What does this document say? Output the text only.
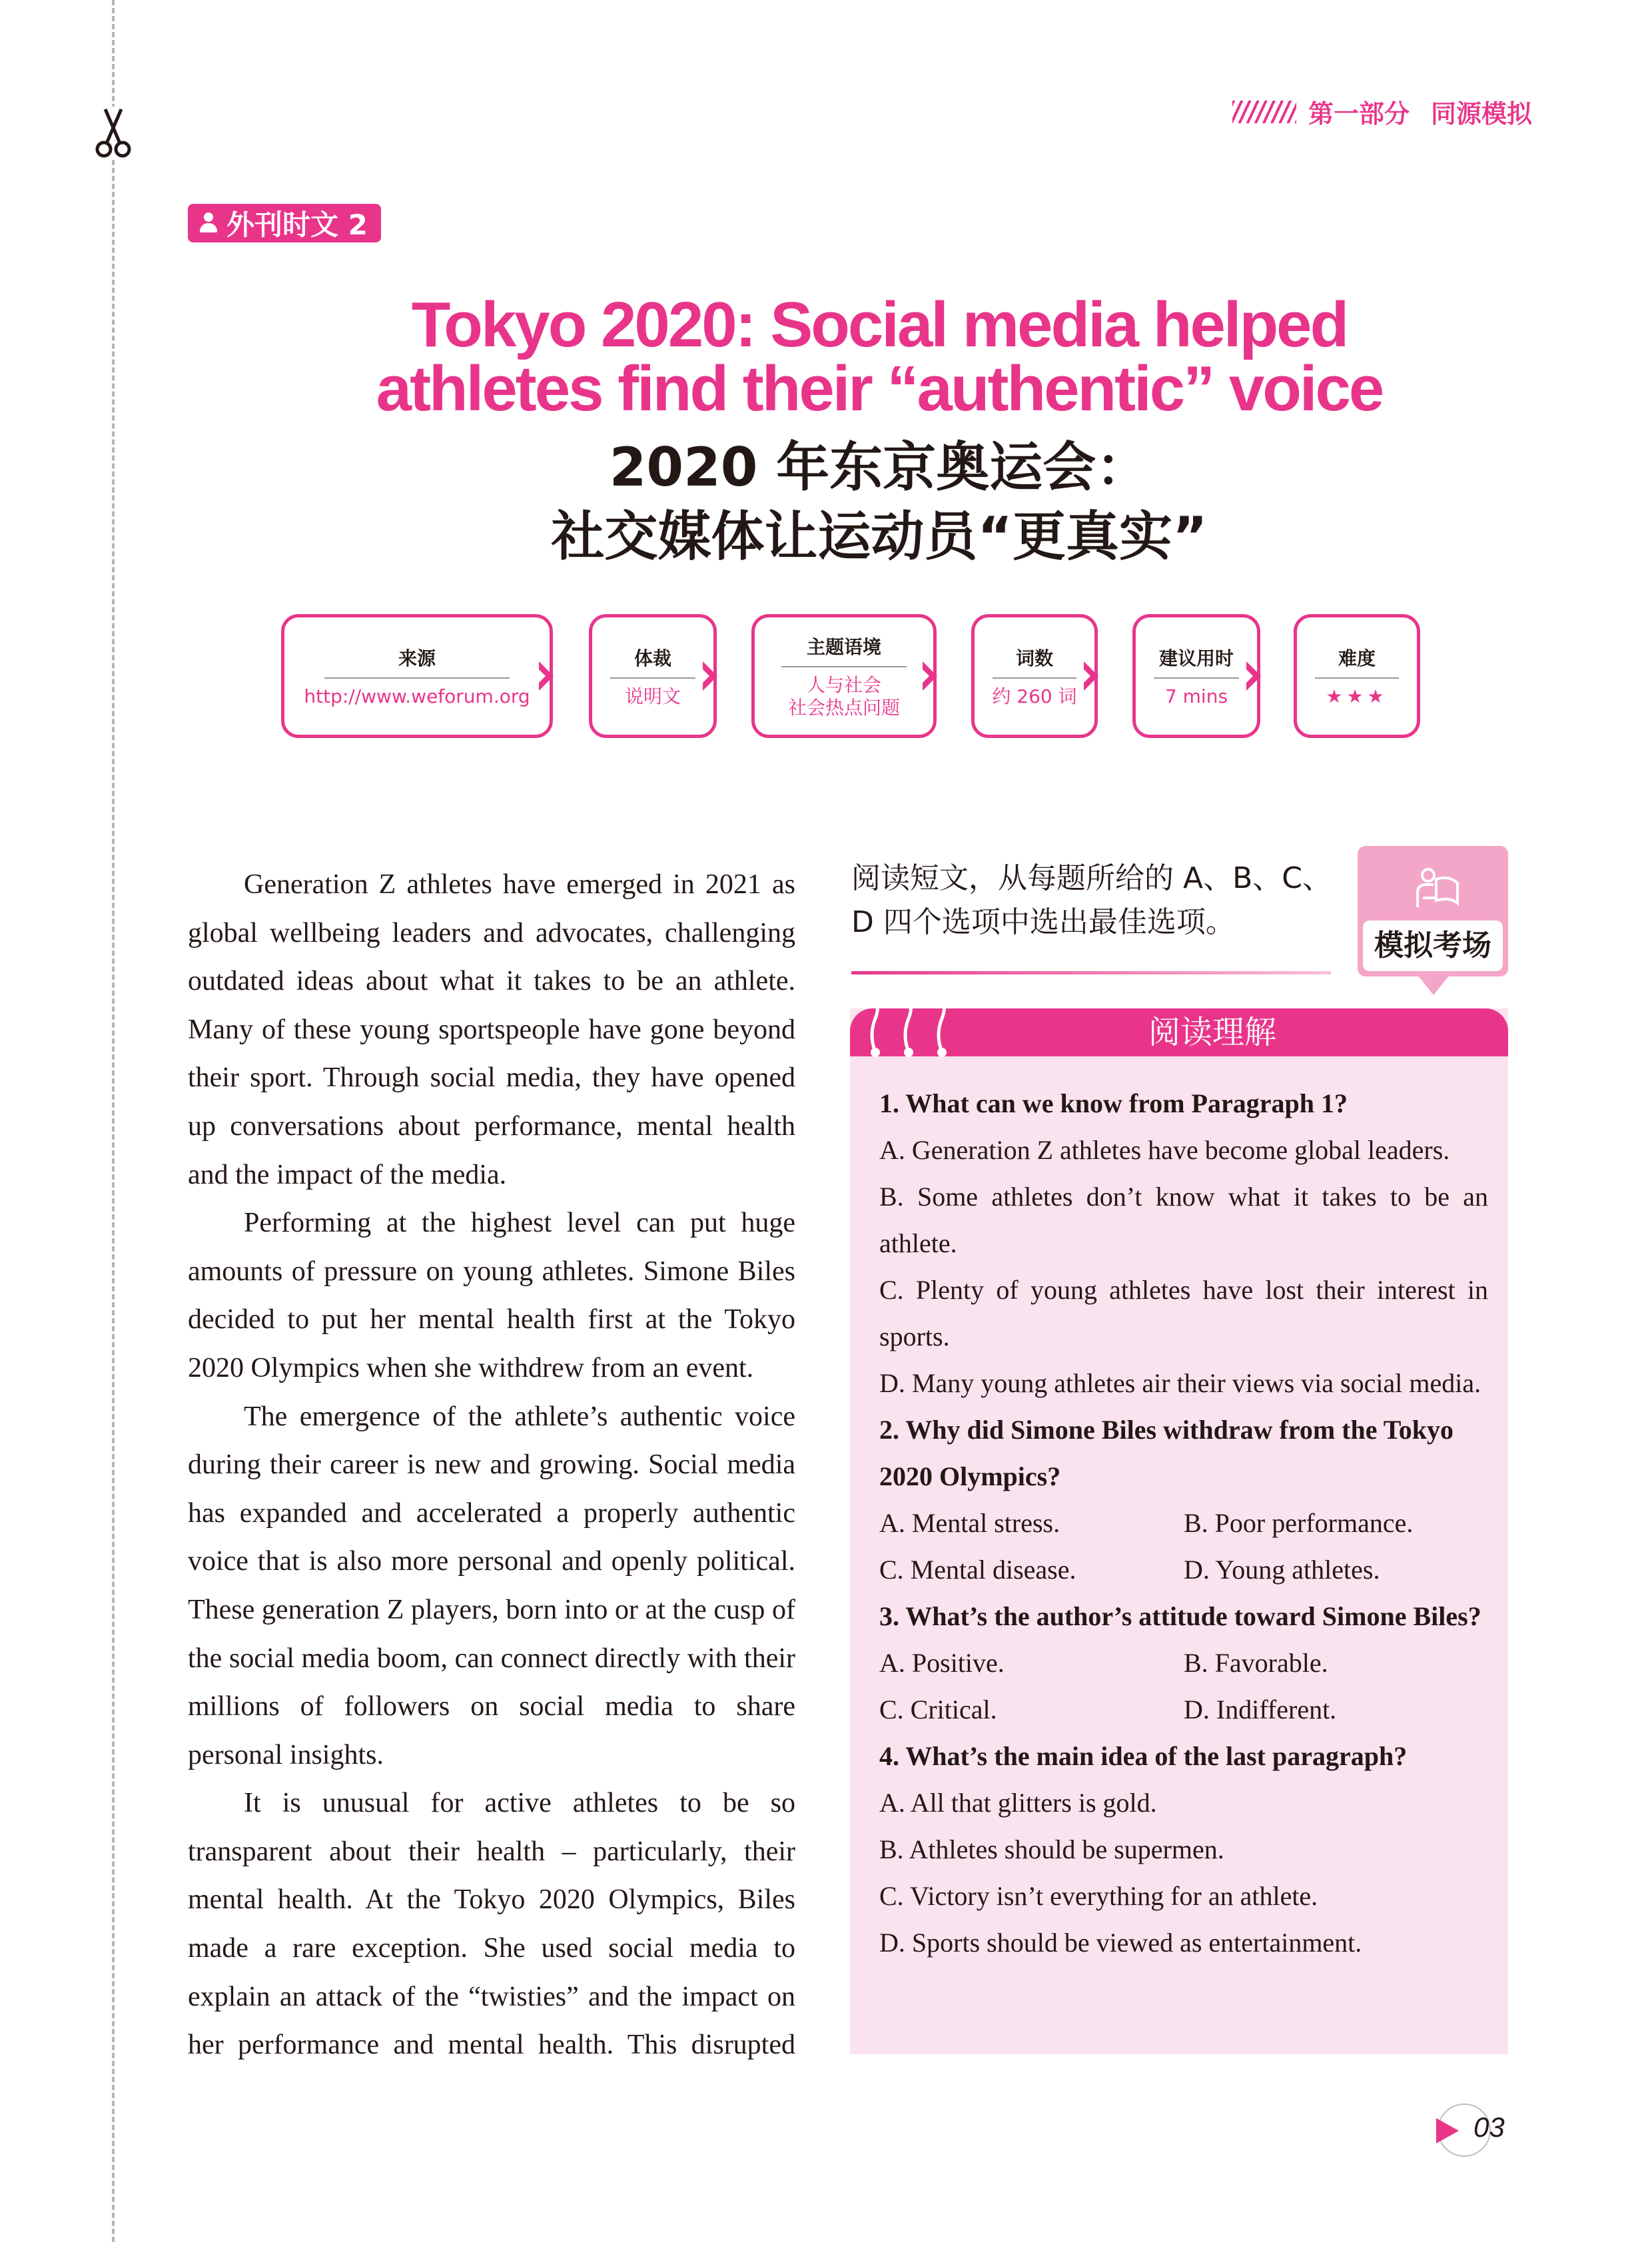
第一部分 同源模拟
外刊时文 2
Tokyo 2020: Social media helped
athletes find their “authentic” voice
2020 年东京奥运会：
社交媒体让运动员“更真实”
来源
http://www.weforum.org
体裁
说明文
主题语境
人与社会
社会热点问题
词数
约 260 词
建议用时
7 mins
难度
★★★

Generation Z athletes have emerged in 2021 as global wellbeing leaders and advocates, challenging outdated ideas about what it takes to be an athlete. Many of these young sportspeople have gone beyond their sport. Through social media, they have opened up conversations about performance, mental health and the impact of the media.

Performing at the highest level can put huge amounts of pressure on young athletes. Simone Biles decided to put her mental health first at the Tokyo 2020 Olympics when she withdrew from an event.

The emergence of the athlete’s authentic voice during their career is new and growing. Social media has expanded and accelerated a properly authentic voice that is also more personal and openly political. These generation Z players, born into or at the cusp of the social media boom, can connect directly with their millions of followers on social media to share personal insights.

It is unusual for active athletes to be so transparent about their health – particularly, their mental health. At the Tokyo 2020 Olympics, Biles made a rare exception. She used social media to explain an attack of the “twisties” and the impact on her performance and mental health. This disrupted

阅读短文，从每题所给的 A、B、C、
D 四个选项中选出最佳选项。
模拟考场
阅读理解
1. What can we know from Paragraph 1?
A. Generation Z athletes have become global leaders.
B. Some athletes don’t know what it takes to be an athlete.
C. Plenty of young athletes have lost their interest in sports.
D. Many young athletes air their views via social media.
2. Why did Simone Biles withdraw from the Tokyo 2020 Olympics?
A. Mental stress.	B. Poor performance.
C. Mental disease.	D. Young athletes.
3. What’s the author’s attitude toward Simone Biles?
A. Positive.	B. Favorable.
C. Critical.	D. Indifferent.
4. What’s the main idea of the last paragraph?
A. All that glitters is gold.
B. Athletes should be supermen.
C. Victory isn’t everything for an athlete.
D. Sports should be viewed as entertainment.
03
